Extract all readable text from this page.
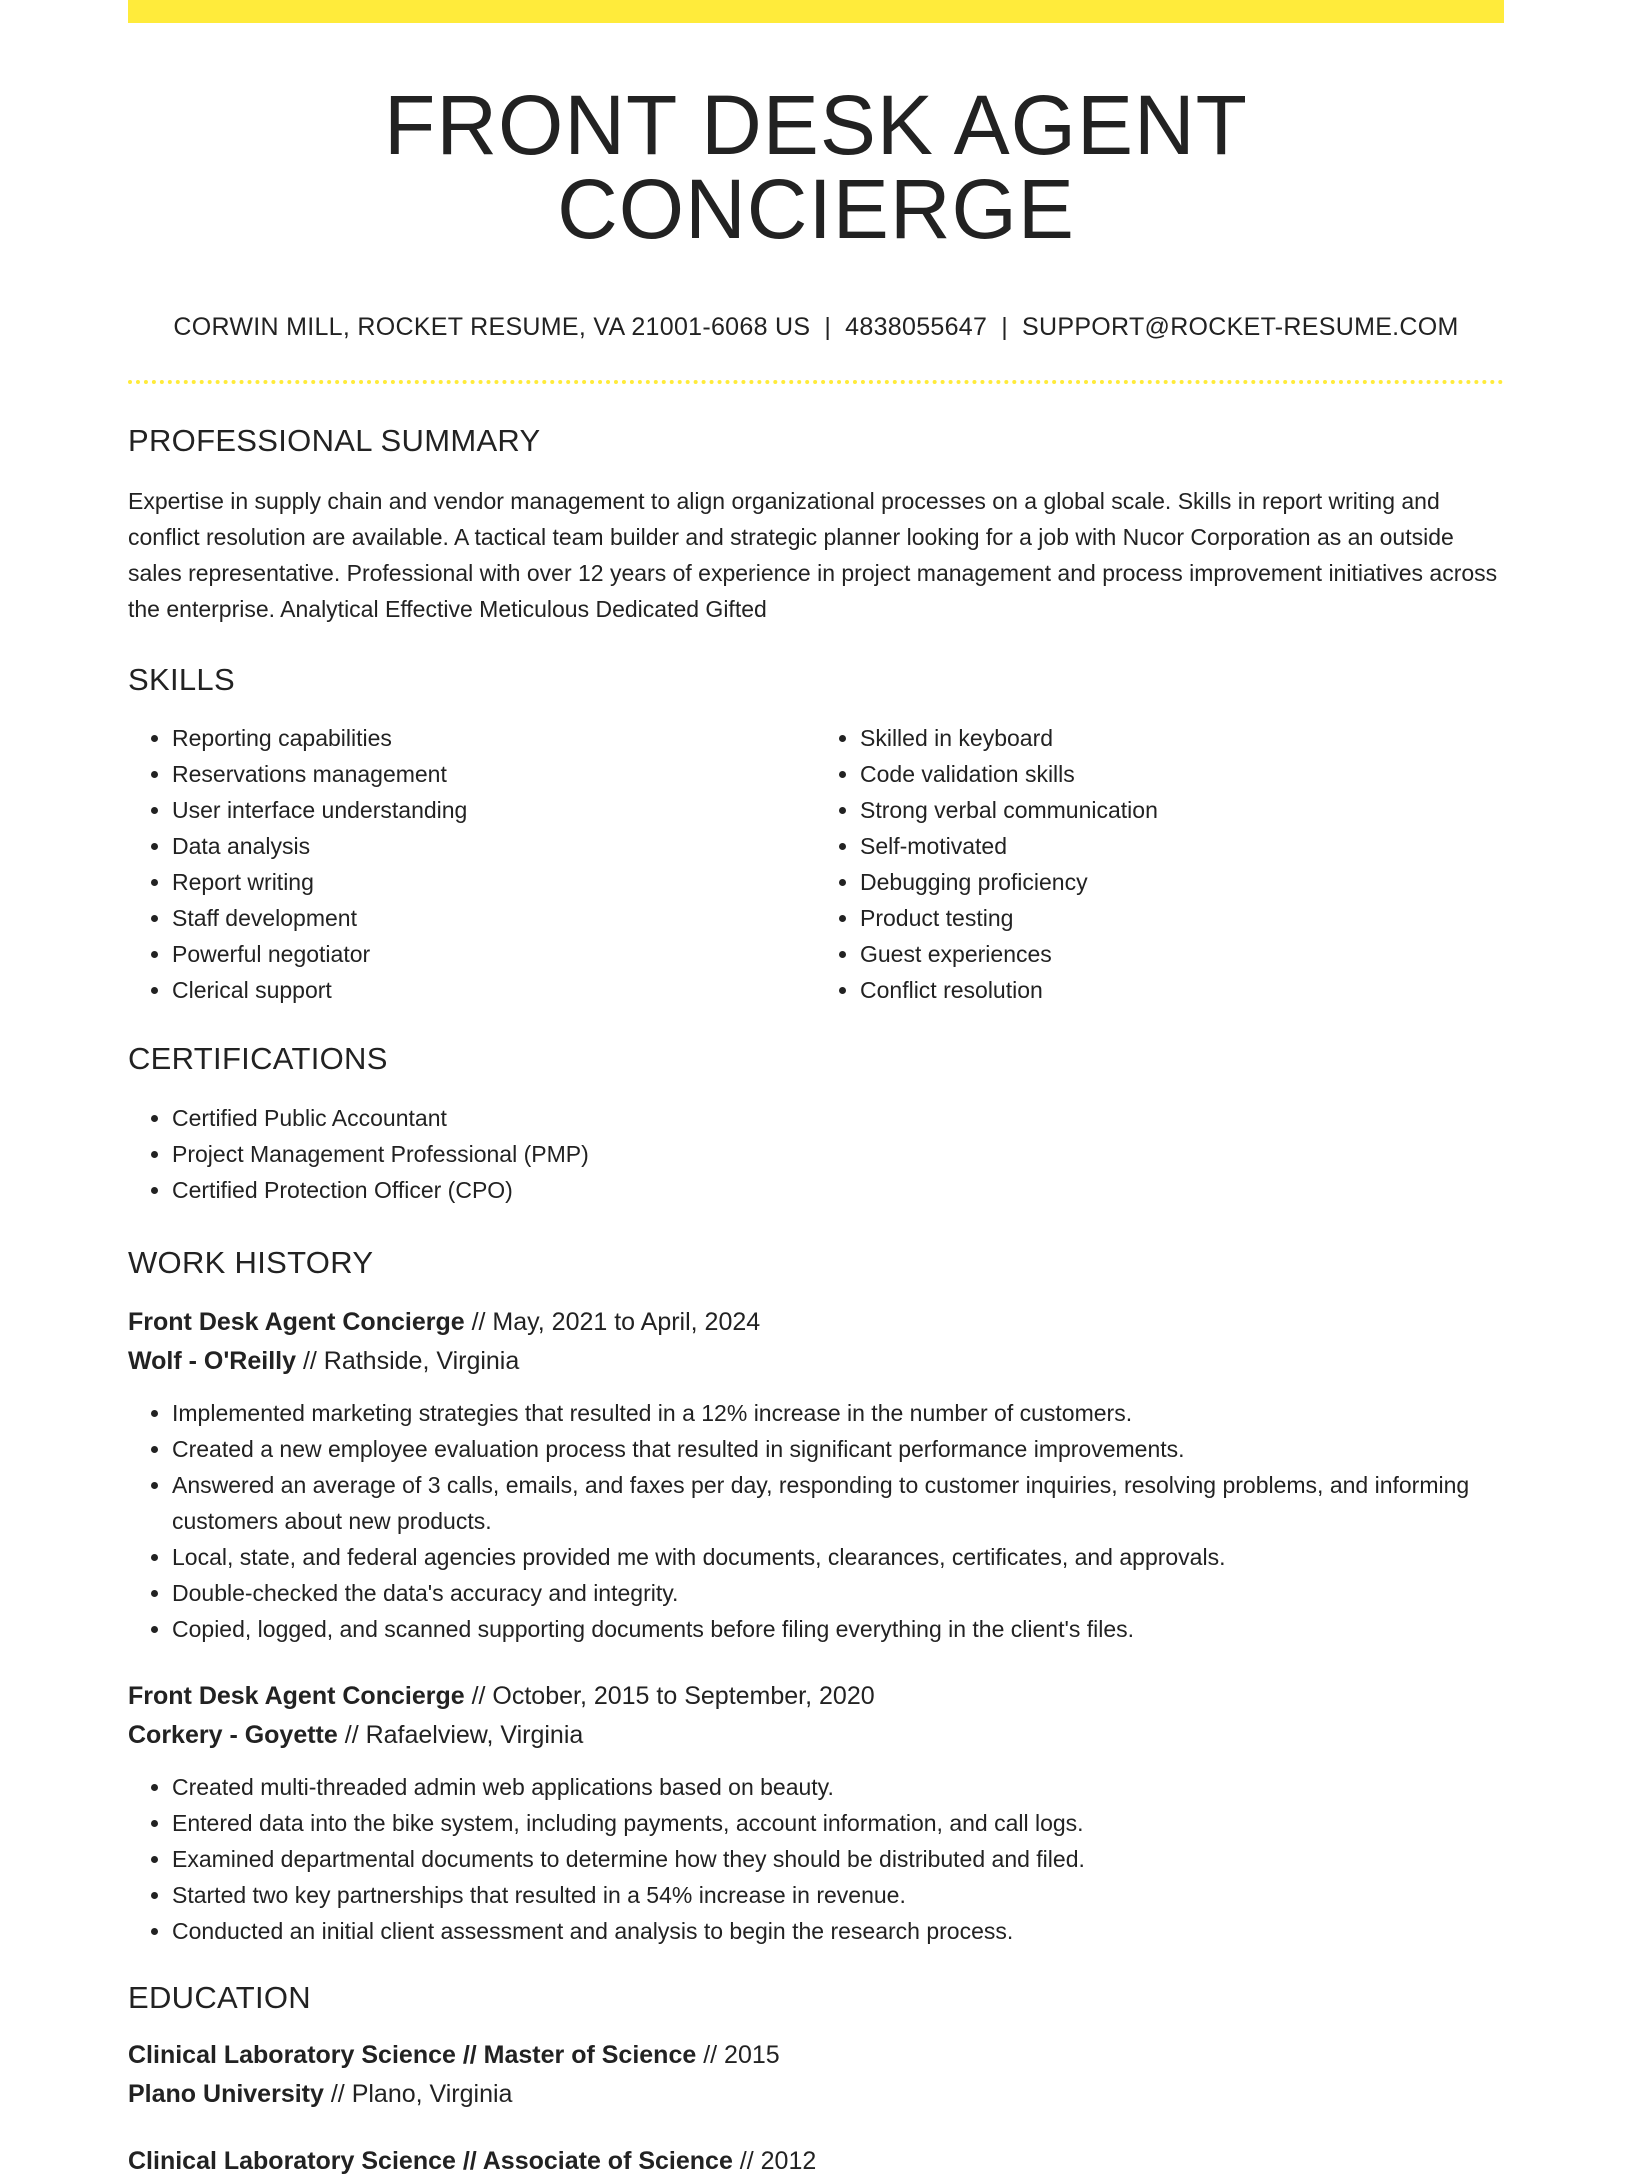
FRONT DESK AGENT CONCIERGE
CORWIN MILL, ROCKET RESUME, VA 21001-6068 US | 4838055647 | SUPPORT@ROCKET-RESUME.COM
PROFESSIONAL SUMMARY

Expertise in supply chain and vendor management to align organizational processes on a global scale. Skills in report writing and conflict resolution are available. A tactical team builder and strategic planner looking for a job with Nucor Corporation as an outside sales representative. Professional with over 12 years of experience in project management and process improvement initiatives across the enterprise. Analytical Effective Meticulous Dedicated Gifted

SKILLS
• Reporting capabilities
• Reservations management
• User interface understanding
• Data analysis
• Report writing
• Staff development
• Powerful negotiator
• Clerical support
• Skilled in keyboard
• Code validation skills
• Strong verbal communication
• Self-motivated
• Debugging proficiency
• Product testing
• Guest experiences
• Conflict resolution
CERTIFICATIONS
• Certified Public Accountant
• Project Management Professional (PMP)
• Certified Protection Officer (CPO)
WORK HISTORY
Front Desk Agent Concierge // May, 2021 to April, 2024
Wolf - O'Reilly // Rathside, Virginia
• Implemented marketing strategies that resulted in a 12% increase in the number of customers.
• Created a new employee evaluation process that resulted in significant performance improvements.
• Answered an average of 3 calls, emails, and faxes per day, responding to customer inquiries, resolving problems, and informing customers about new products.
• Local, state, and federal agencies provided me with documents, clearances, certificates, and approvals.
• Double-checked the data's accuracy and integrity.
• Copied, logged, and scanned supporting documents before filing everything in the client's files.
Front Desk Agent Concierge // October, 2015 to September, 2020
Corkery - Goyette // Rafaelview, Virginia
• Created multi-threaded admin web applications based on beauty.
• Entered data into the bike system, including payments, account information, and call logs.
• Examined departmental documents to determine how they should be distributed and filed.
• Started two key partnerships that resulted in a 54% increase in revenue.
• Conducted an initial client assessment and analysis to begin the research process.
EDUCATION
Clinical Laboratory Science // Master of Science // 2015
Plano University // Plano, Virginia
Clinical Laboratory Science // Associate of Science // 2012
